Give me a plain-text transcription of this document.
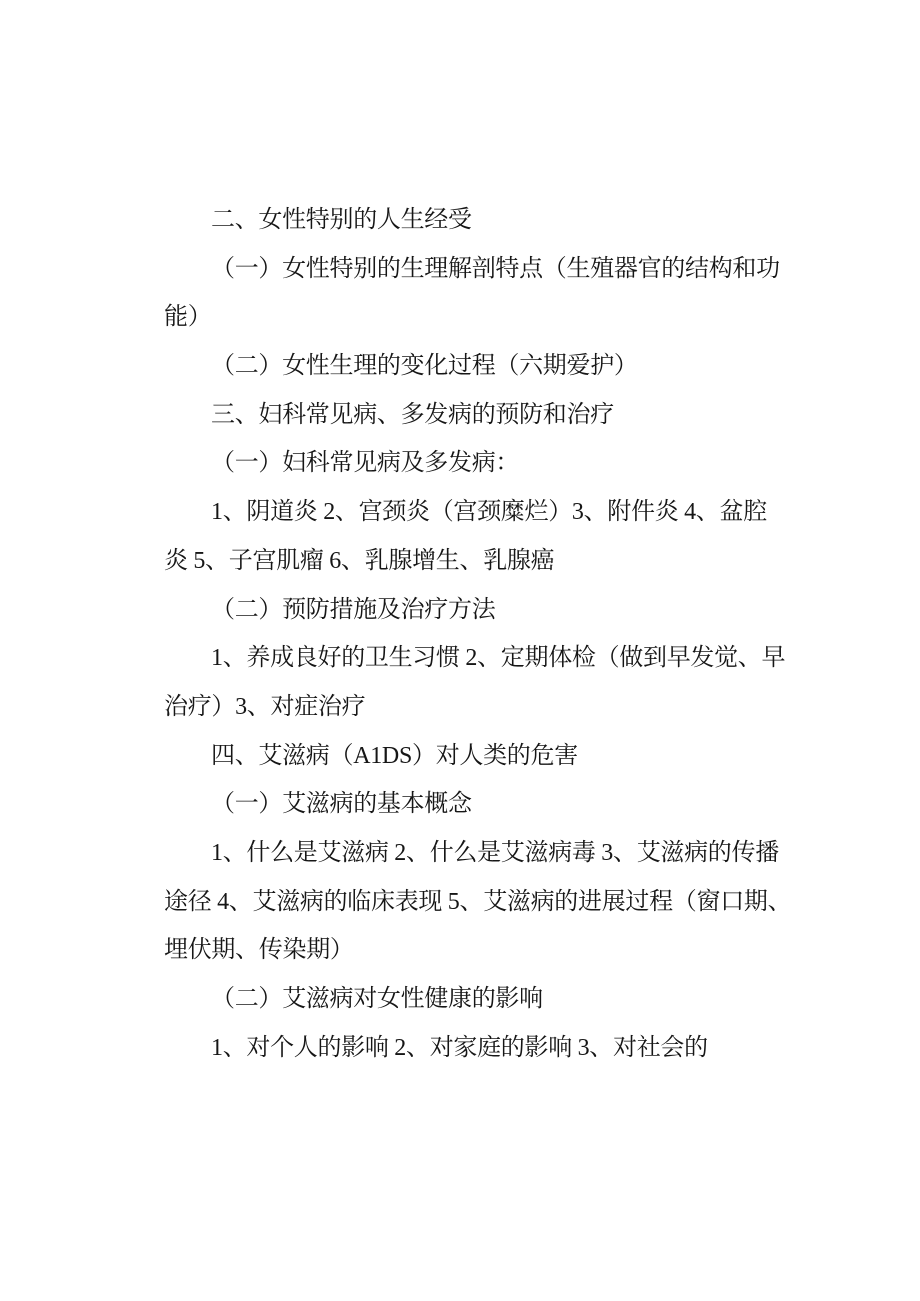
二、女性特别的人生经受
（一）女性特别的生理解剖特点（生殖器官的结构和功
能）
（二）女性生理的变化过程（六期爱护）
三、妇科常见病、多发病的预防和治疗
（一）妇科常见病及多发病：
1、阴道炎 2、宫颈炎（宫颈糜烂）3、附件炎 4、盆腔
炎 5、子宫肌瘤 6、乳腺增生、乳腺癌
（二）预防措施及治疗方法
1、养成良好的卫生习惯 2、定期体检（做到早发觉、早
治疗）3、对症治疗
四、艾滋病（A1DS）对人类的危害
（一）艾滋病的基本概念
1、什么是艾滋病 2、什么是艾滋病毒 3、艾滋病的传播
途径 4、艾滋病的临床表现 5、艾滋病的进展过程（窗口期、
埋伏期、传染期）
（二）艾滋病对女性健康的影响
1、对个人的影响 2、对家庭的影响 3、对社会的
